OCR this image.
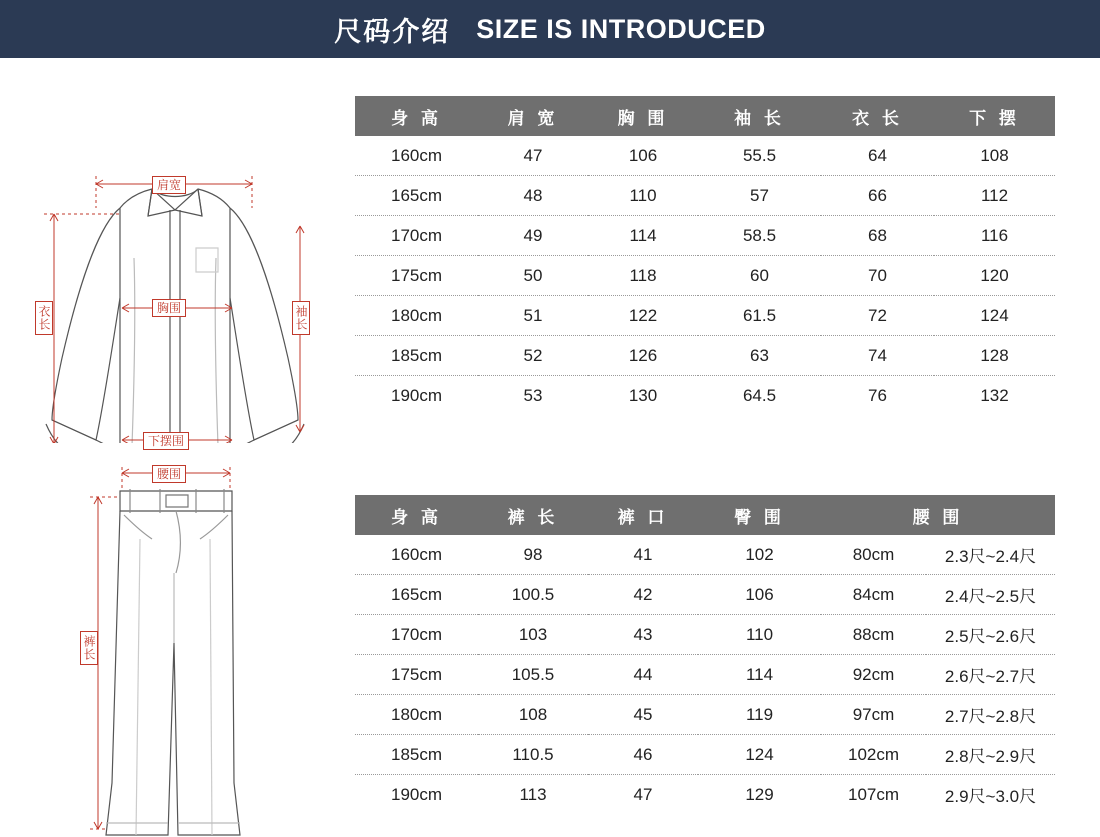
尺码介绍 SIZE IS INTRODUCED
肩宽
胸围
下摆围
衣长	袖长
身 高	肩 宽	胸 围	袖 长	衣 长	下 摆
160cm	47	106	55.5	64	108
165cm	48	110	57	66	112
170cm	49	114	58.5	68	116
175cm	50	118	60	70	120
180cm	51	122	61.5	72	124
185cm	52	126	63	74	128
190cm	53	130	64.5	76	132
腰围
裤长
身 高	裤 长	裤 口	臀 围	腰 围	
160cm	98	41	102	80cm	2.3尺~2.4尺
165cm	100.5	42	106	84cm	2.4尺~2.5尺
170cm	103	43	110	88cm	2.5尺~2.6尺
175cm	105.5	44	114	92cm	2.6尺~2.7尺
180cm	108	45	119	97cm	2.7尺~2.8尺
185cm	110.5	46	124	102cm	2.8尺~2.9尺
190cm	113	47	129	107cm	2.9尺~3.0尺
